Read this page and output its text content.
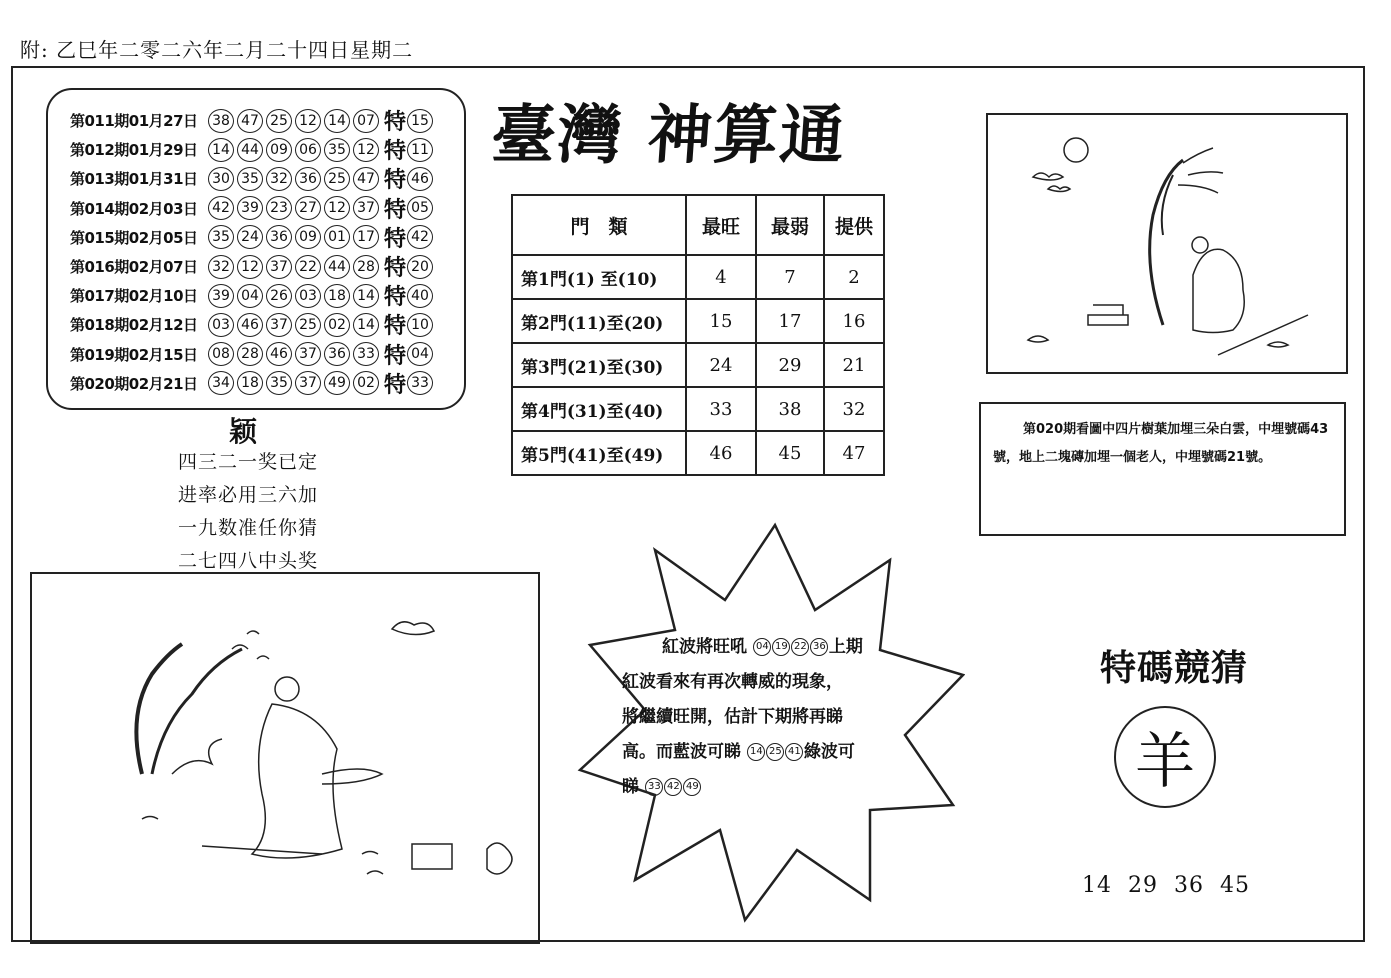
附: 乙巳年二零二六年二月二十四日星期二
第011期01月27日	38 47 25 12 14 07 特 15
第012期01月29日	14 44 09 06 35 12 特 11
第013期01月31日	30 35 32 36 25 47 特 46
第014期02月03日	42 39 23 27 12 37 特 05
第015期02月05日	35 24 36 09 01 17 特 42
第016期02月07日	32 12 37 22 44 28 特 20
第017期02月10日	39 04 26 03 18 14 特 40
第018期02月12日	03 46 37 25 02 14 特 10
第019期02月15日	08 28 46 37 36 33 特 04
第020期02月21日	34 18 35 37 49 02 特 33
颖
四三二一奖已定
进率必用三六加
一九数准任你猜
二七四八中头奖
臺灣 神算通
門　類	最旺	最弱	提供
第1門(1) 至(10)	4	7	2
第2門(11)至(20)	15	17	16
第3門(21)至(30)	24	29	21
第4門(31)至(40)	33	38	32
第5門(41)至(49)	46	45	47
第020期看圖中四片樹葉加埋三朵白雲，中埋號碼43號，地上二塊磚加埋一個老人，中埋號碼21號。
紅波將旺吼 04 19 22 36 上期
紅波看來有再次轉威的現象，
將繼續旺開，估計下期將再睇
高。而藍波可睇 14 25 41 綠波可
睇 33 42 49
特碼競猜
羊
14 29 36 45
